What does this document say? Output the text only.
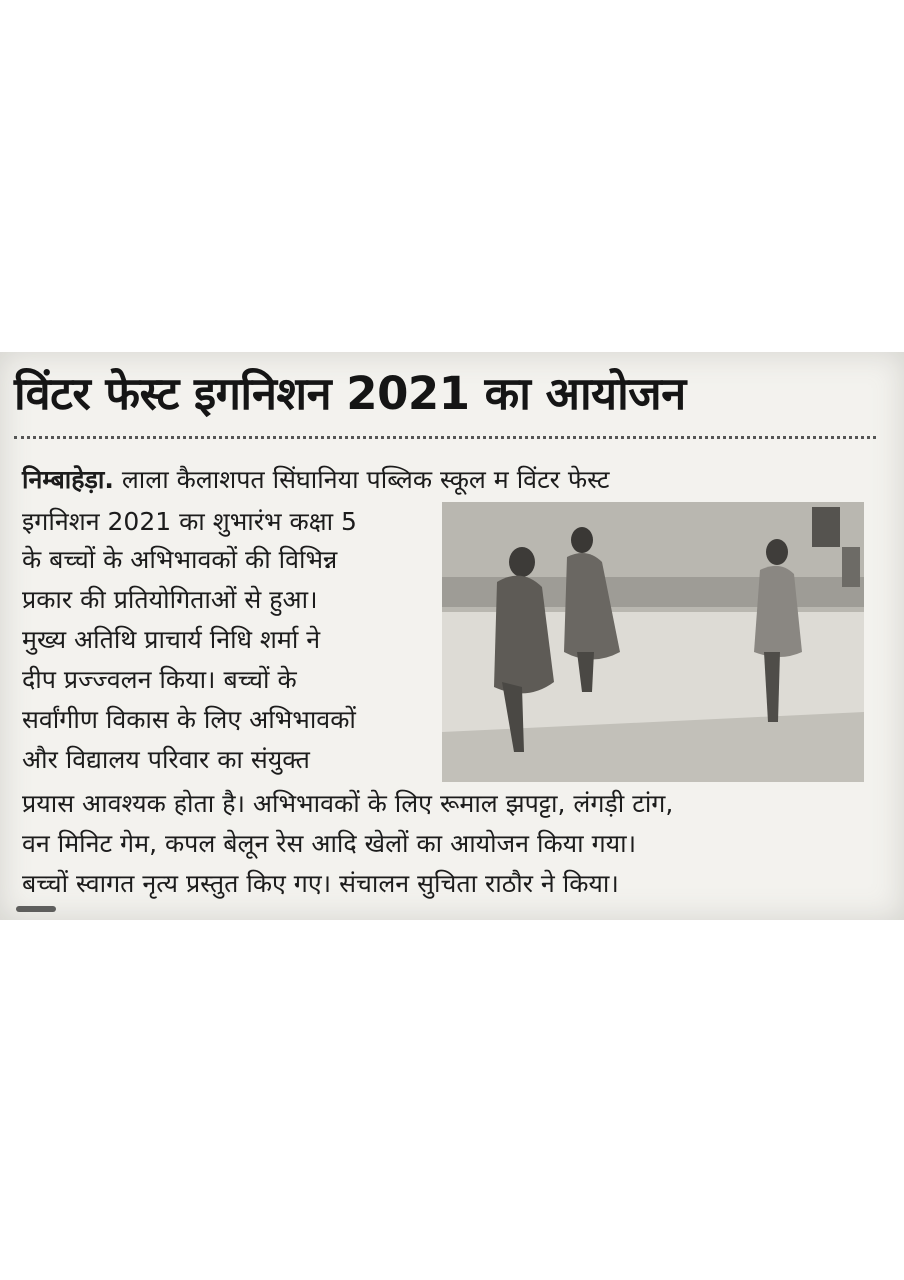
विंटर फेस्ट इगनिशन 2021 का आयोजन
निम्बाहेड़ा. लाला कैलाशपत सिंघानिया पब्लिक स्कूल म विंटर फेस्ट
इगनिशन 2021 का शुभारंभ कक्षा 5
के बच्चों के अभिभावकों की विभिन्न
प्रकार की प्रतियोगिताओं से हुआ।
मुख्य अतिथि प्राचार्य निधि शर्मा ने
दीप प्रज्ज्वलन किया। बच्चों के
सर्वांगीण विकास के लिए अभिभावकों
और विद्यालय परिवार का संयुक्त
प्रयास आवश्यक होता है। अभिभावकों के लिए रूमाल झपट्टा, लंगड़ी टांग,
वन मिनिट गेम, कपल बेलून रेस आदि खेलों का आयोजन किया गया।
बच्चों स्वागत नृत्य प्रस्तुत किए गए। संचालन सुचिता राठौर ने किया।
